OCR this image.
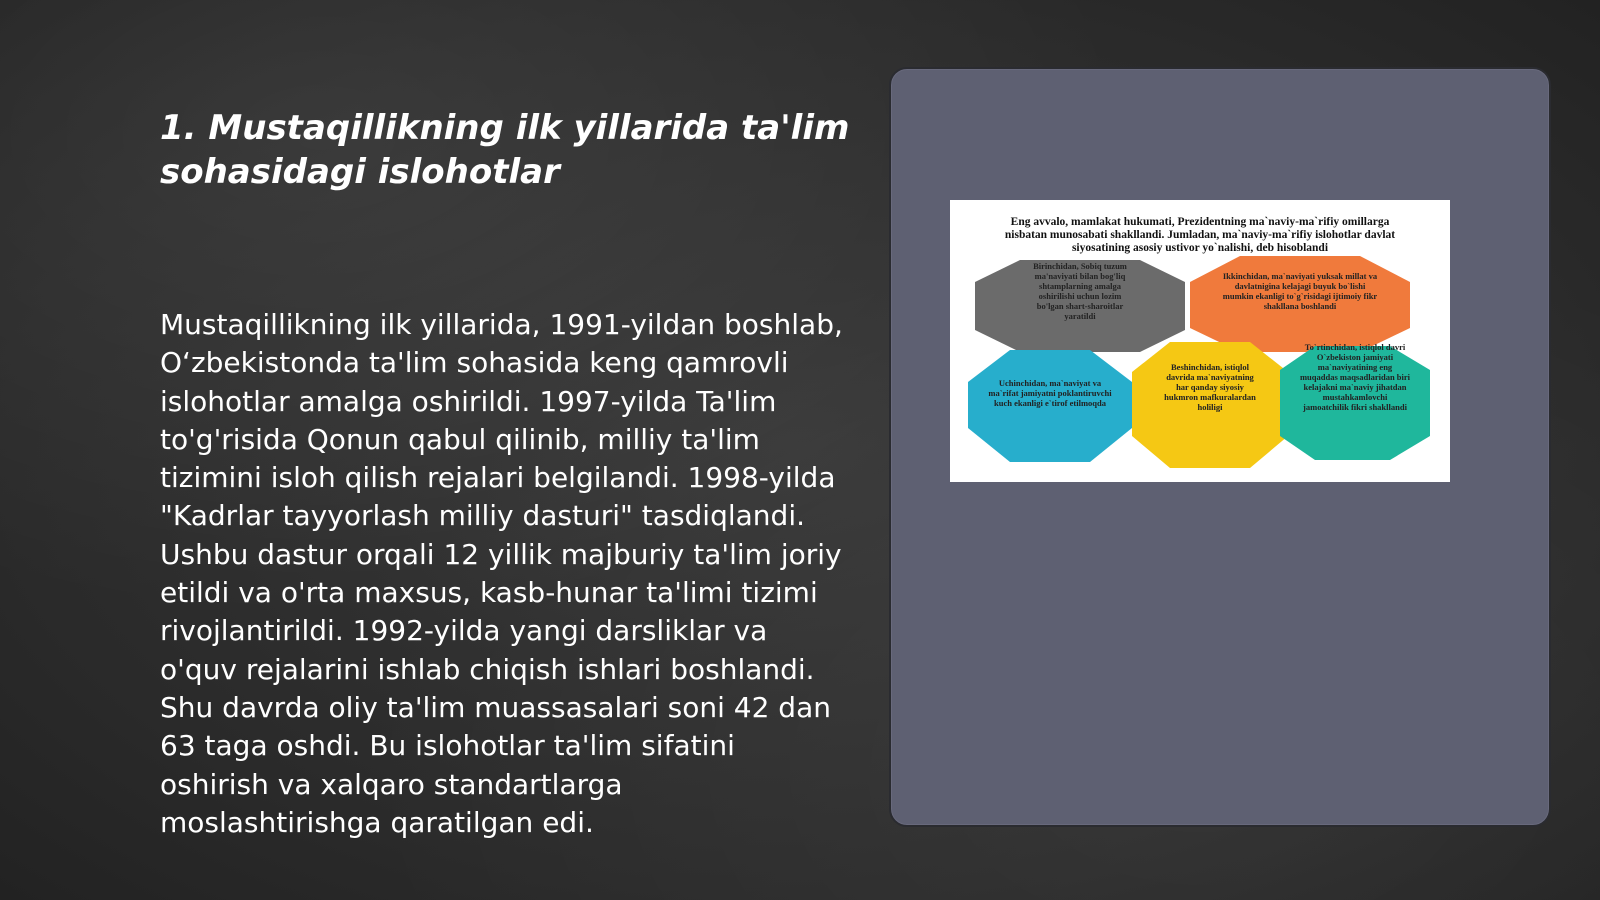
1. Mustaqillikning ilk yillarida ta'lim sohasidagi islohotlar

Mustaqillikning ilk yillarida, 1991-yildan boshlab, O‘zbekistonda ta'lim sohasida keng qamrovli islohotlar amalga oshirildi. 1997-yilda Ta'lim to'g'risida Qonun qabul qilinib, milliy ta'lim tizimini isloh qilish rejalari belgilandi. 1998-yilda "Kadrlar tayyorlash milliy dasturi" tasdiqlandi. Ushbu dastur orqali 12 yillik majburiy ta'lim joriy etildi va o'rta maxsus, kasb-hunar ta'limi tizimi rivojlantirildi. 1992-yilda yangi darsliklar va o'quv rejalarini ishlab chiqish ishlari boshlandi. Shu davrda oliy ta'lim muassasalari soni 42 dan 63 taga oshdi. Bu islohotlar ta'lim sifatini oshirish va xalqaro standartlarga moslashtirishga qaratilgan edi.

Eng avvalo, mamlakat hukumati, Prezidentning ma`naviy-ma`rifiy omillarga nisbatan munosabati shakllandi. Jumladan, ma`naviy-ma`rifiy islohotlar davlat siyosatining asosiy ustivor yo`nalishi, deb hisoblandi
Birinchidan, Sobiq tuzum ma'naviyati bilan bog'liq shtamplarning amalga oshirilishi uchun lozim bo'lgan shart-sharoitlar yaratildi
Ikkinchidan, ma`naviyati yuksak millat va davlatnigina kelajagi buyuk bo`lishi mumkin ekanligi to`g`risidagi ijtimoiy fikr shakllana boshlandi
Uchinchidan, ma`naviyat va ma`rifat jamiyatni poklantiruvchi kuch ekanligi e`tirof etilmoqda
Beshinchidan, istiqlol davrida ma`naviyatning har qanday siyosiy hukmron mafkuralardan holiligi
To`rtinchidan, istiqlol davri O`zbekiston jamiyati ma`naviyatining eng muqaddas maqsadlaridan biri kelajakni ma`naviy jihatdan mustahkamlovchi jamoatchilik fikri shakllandi
